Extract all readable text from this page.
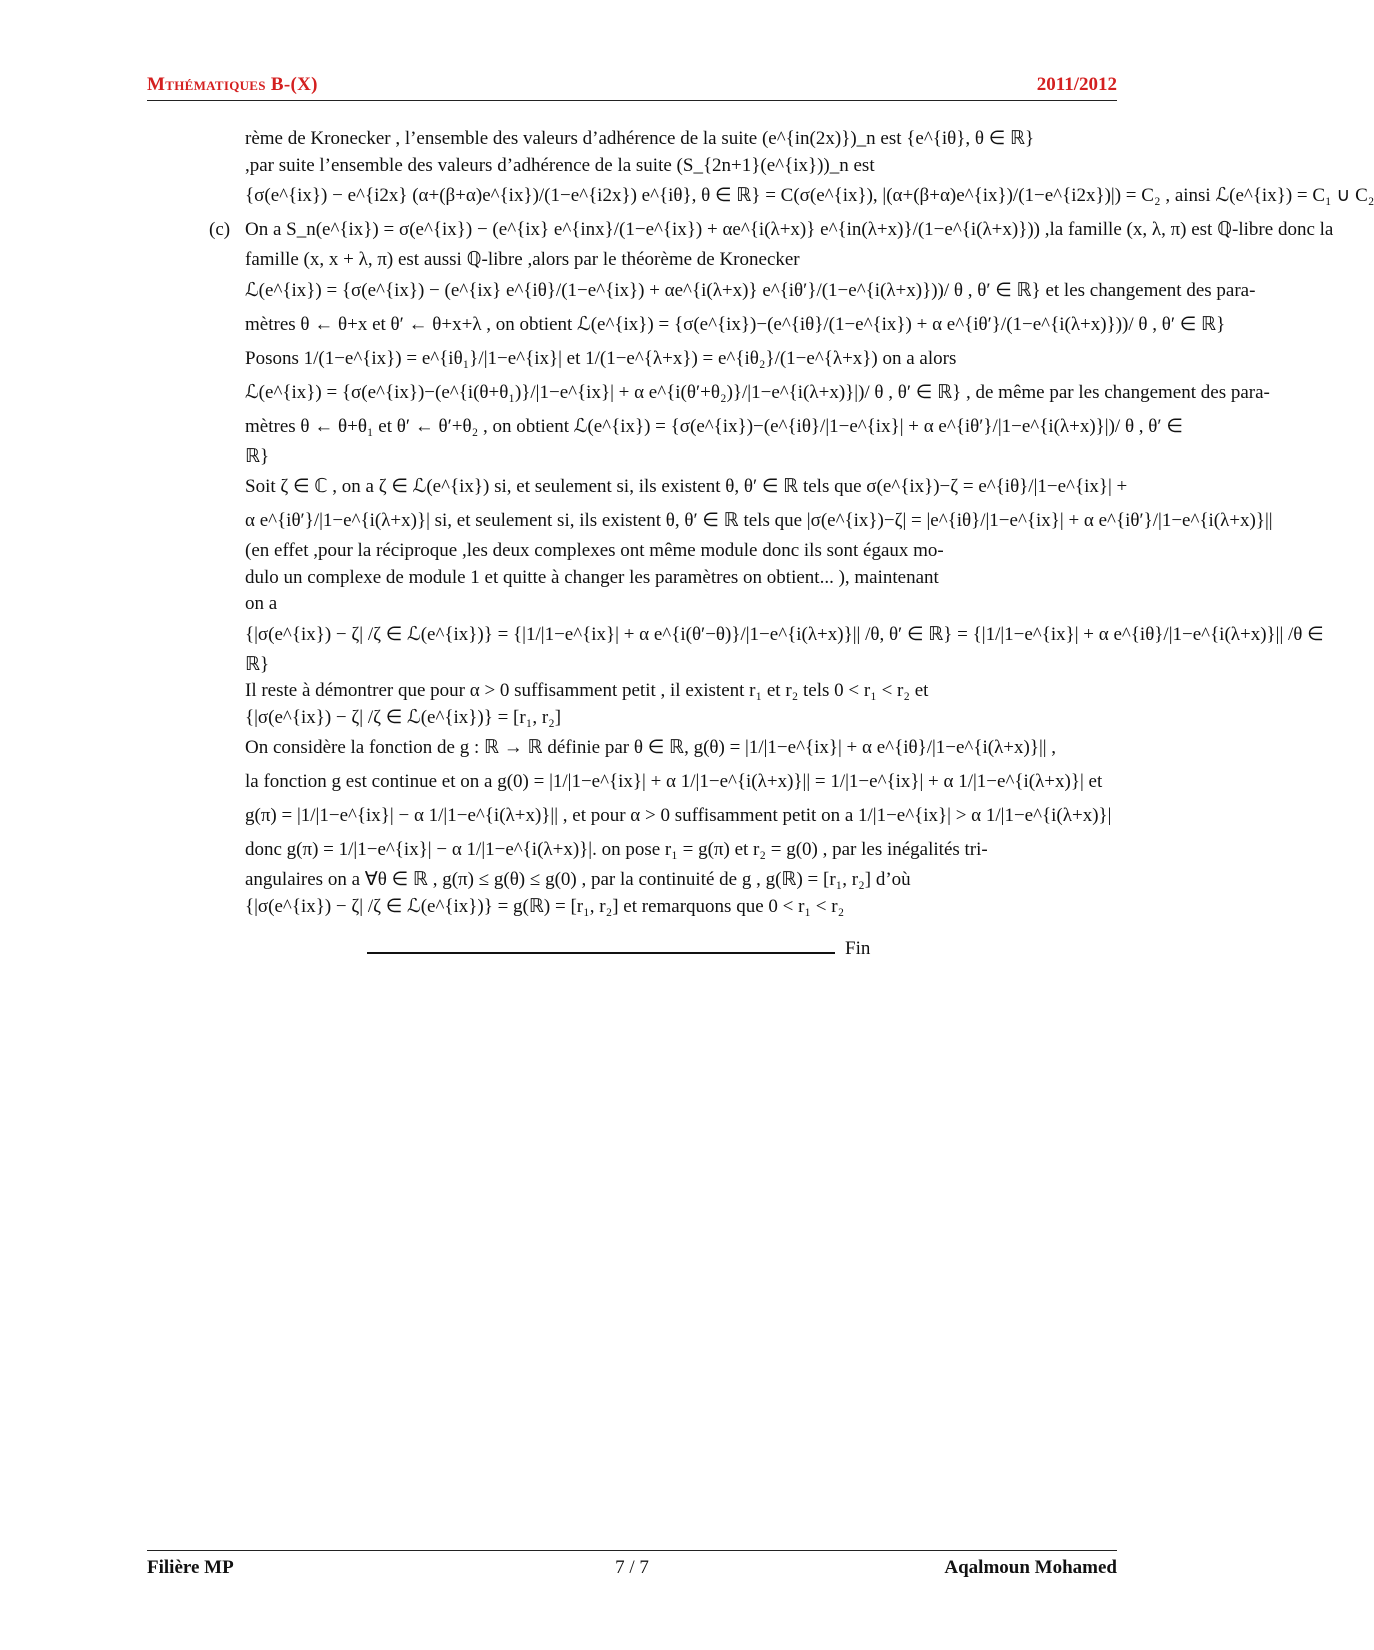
Mthématiques B-(X)	2011/2012
rème de Kronecker , l’ensemble des valeurs d’adhérence de la suite (e^{in(2x)})_n est {e^{iθ}, θ ∈ ℝ}
,par suite l’ensemble des valeurs d’adhérence de la suite (S_{2n+1}(e^{ix}))_n est
{σ(e^{ix}) − e^{i2x} (α+(β+α)e^{ix})/(1−e^{i2x}) e^{iθ}, θ ∈ ℝ} = C(σ(e^{ix}), |(α+(β+α)e^{ix})/(1−e^{i2x})|) = C₂ , ainsi ℒ(e^{ix}) = C₁ ∪ C₂
(c) On a S_n(e^{ix}) = σ(e^{ix}) − (e^{ix} e^{inx}/(1−e^{ix}) + αe^{i(λ+x)} e^{in(λ+x)}/(1−e^{i(λ+x)})) ,la famille (x, λ, π) est ℚ-libre donc la
famille (x, x + λ, π) est aussi ℚ-libre ,alors par le théorème de Kronecker
ℒ(e^{ix}) = {σ(e^{ix}) − (e^{ix} e^{iθ}/(1−e^{ix}) + αe^{i(λ+x)} e^{iθ′}/(1−e^{i(λ+x)}))/ θ , θ′ ∈ ℝ} et les changement des para-
mètres θ ← θ+x et θ′ ← θ+x+λ , on obtient ℒ(e^{ix}) = {σ(e^{ix})−(e^{iθ}/(1−e^{ix}) + α e^{iθ′}/(1−e^{i(λ+x)}))/ θ , θ′ ∈ ℝ}
Posons 1/(1−e^{ix}) = e^{iθ₁}/|1−e^{ix}| et 1/(1−e^{λ+x}) = e^{iθ₂}/(1−e^{λ+x}) on a alors
ℒ(e^{ix}) = {σ(e^{ix})−(e^{i(θ+θ₁)}/|1−e^{ix}| + α e^{i(θ′+θ₂)}/|1−e^{i(λ+x)}|)/ θ , θ′ ∈ ℝ} , de même par les changement des para-
mètres θ ← θ+θ₁ et θ′ ← θ′+θ₂ , on obtient ℒ(e^{ix}) = {σ(e^{ix})−(e^{iθ}/|1−e^{ix}| + α e^{iθ′}/|1−e^{i(λ+x)}|)/ θ , θ′ ∈
ℝ}
Soit ζ ∈ ℂ , on a ζ ∈ ℒ(e^{ix}) si, et seulement si, ils existent θ, θ′ ∈ ℝ tels que σ(e^{ix})−ζ = e^{iθ}/|1−e^{ix}| +
α e^{iθ′}/|1−e^{i(λ+x)}| si, et seulement si, ils existent θ, θ′ ∈ ℝ tels que |σ(e^{ix})−ζ| = |e^{iθ}/|1−e^{ix}| + α e^{iθ′}/|1−e^{i(λ+x)}||
(en effet ,pour la réciproque ,les deux complexes ont même module donc ils sont égaux mo-
dulo un complexe de module 1 et quitte à changer les paramètres on obtient... ), maintenant
on a
{|σ(e^{ix}) − ζ| /ζ ∈ ℒ(e^{ix})} = {|1/|1−e^{ix}| + α e^{i(θ′−θ)}/|1−e^{i(λ+x)}|| /θ, θ′ ∈ ℝ} = {|1/|1−e^{ix}| + α e^{iθ}/|1−e^{i(λ+x)}|| /θ ∈
ℝ}
Il reste à démontrer que pour α > 0 suffisamment petit , il existent r₁ et r₂ tels 0 < r₁ < r₂ et
{|σ(e^{ix}) − ζ| /ζ ∈ ℒ(e^{ix})} = [r₁, r₂]
On considère la fonction de g : ℝ → ℝ définie par θ ∈ ℝ, g(θ) = |1/|1−e^{ix}| + α e^{iθ}/|1−e^{i(λ+x)}|| ,
la fonction g est continue et on a g(0) = |1/|1−e^{ix}| + α 1/|1−e^{i(λ+x)}|| = 1/|1−e^{ix}| + α 1/|1−e^{i(λ+x)}| et
g(π) = |1/|1−e^{ix}| − α 1/|1−e^{i(λ+x)}|| , et pour α > 0 suffisamment petit on a 1/|1−e^{ix}| > α 1/|1−e^{i(λ+x)}|
donc g(π) = 1/|1−e^{ix}| − α 1/|1−e^{i(λ+x)}|. on pose r₁ = g(π) et r₂ = g(0) , par les inégalités tri-
angulaires on a ∀θ ∈ ℝ , g(π) ≤ g(θ) ≤ g(0) , par la continuité de g , g(ℝ) = [r₁, r₂] d’où
{|σ(e^{ix}) − ζ| /ζ ∈ ℒ(e^{ix})} = g(ℝ) = [r₁, r₂] et remarquons que 0 < r₁ < r₂
Fin
Filière MP	7 / 7	Aqalmoun Mohamed
